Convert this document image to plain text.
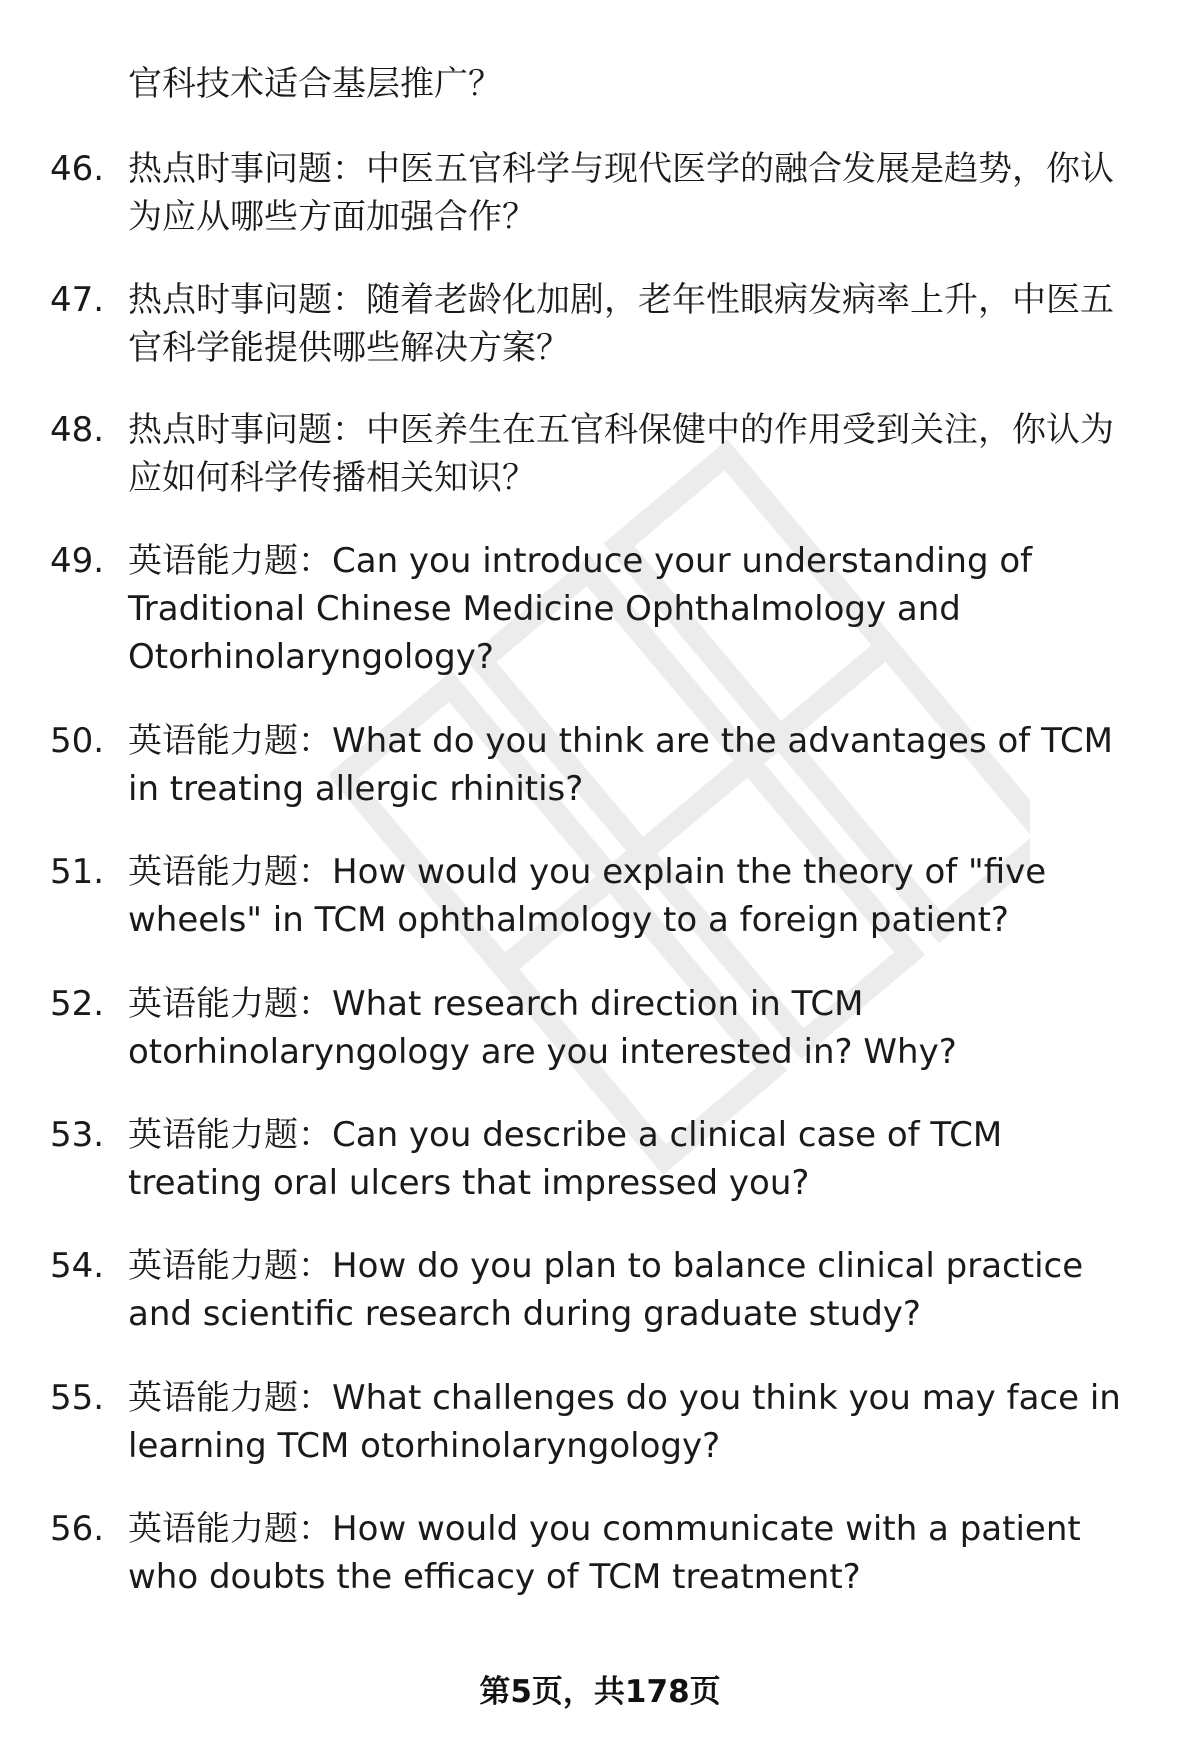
官科技术适合基层推广？
46. 热点时事问题：中医五官科学与现代医学的融合发展是趋势，你认为应从哪些方面加强合作？
47. 热点时事问题：随着老龄化加剧，老年性眼病发病率上升，中医五官科学能提供哪些解决方案？
48. 热点时事问题：中医养生在五官科保健中的作用受到关注，你认为应如何科学传播相关知识？
49. 英语能力题：Can you introduce your understanding of Traditional Chinese Medicine Ophthalmology and Otorhinolaryngology?
50. 英语能力题：What do you think are the advantages of TCM in treating allergic rhinitis?
51. 英语能力题：How would you explain the theory of "five wheels" in TCM ophthalmology to a foreign patient?
52. 英语能力题：What research direction in TCM otorhinolaryngology are you interested in? Why?
53. 英语能力题：Can you describe a clinical case of TCM treating oral ulcers that impressed you?
54. 英语能力题：How do you plan to balance clinical practice and scientific research during graduate study?
55. 英语能力题：What challenges do you think you may face in learning TCM otorhinolaryngology?
56. 英语能力题：How would you communicate with a patient who doubts the efficacy of TCM treatment?
第5页，共178页
